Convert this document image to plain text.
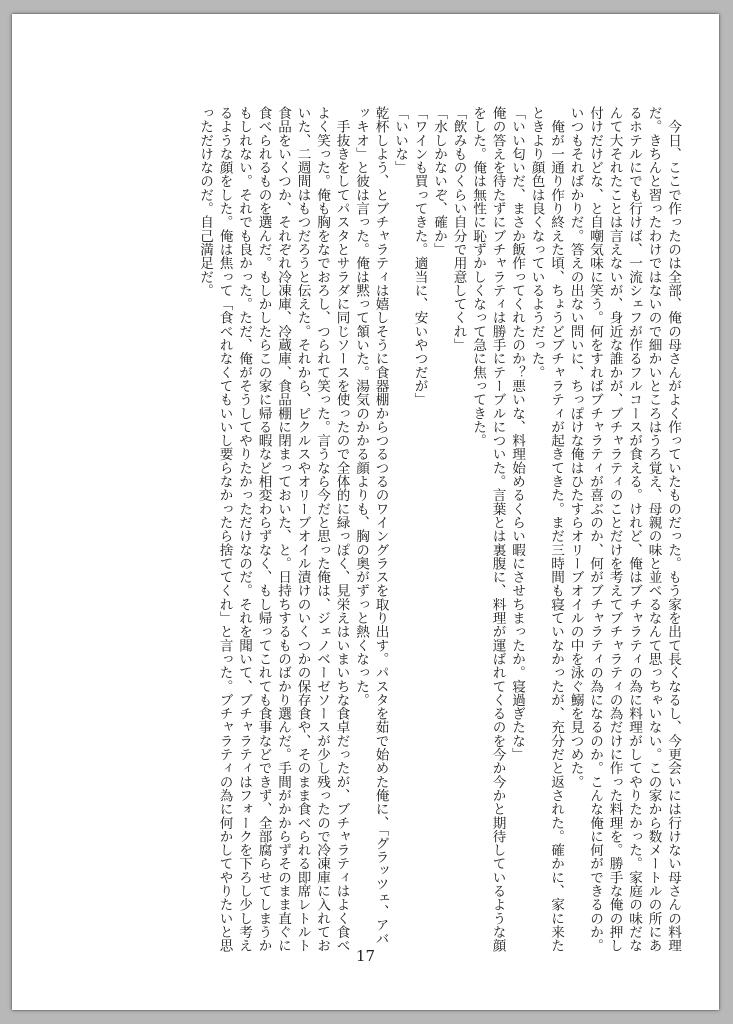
　今日、ここで作ったのは全部、俺の母さんがよく作っていたものだった。もう家を出て長くなるし、今更会いには行けない母さんの料理だ。きちんと習ったわけではないので細かいところはうろ覚え、母親の味と並べるなんて思っちゃいない。この家から数メートルの所にあるホテルにでも行けば、一流シェフが作るフルコースが食える。けれど、俺はブチャラティの為に料理がしてやりたかった。家庭の味だなんて大それたことは言えないが、身近な誰かが、ブチャラティのことだけを考えてブチャラティの為だけに作った料理を。勝手な俺の押し付けだけどな、と自嘲気味に笑う。何をすればブチャラティが喜ぶのか、何がブチャラティの為になるのか。こんな俺に何ができるのか。いつもそればかりだ。答えの出ない問いに、ちっぽけな俺はひたすらオリーブオイルの中を泳ぐ鰯を見つめた。

　俺が一通り作り終えた頃、ちょうどブチャラティが起きてきた。まだ三時間も寝ていなかったが、充分だと返された。確かに、家に来たときより顔色は良くなっているようだった。

「いい匂いだ、まさか飯作ってくれたのか？悪いな、料理始めるくらい暇にさせちまったか。寝過ぎたな」

俺の答えを待たずにブチャラティは勝手にテーブルについた。言葉とは裏腹に、料理が運ばれてくるのを今か今かと期待しているような顔をした。俺は無性に恥ずかしくなって急に焦ってきた。

「飲みものくらい自分で用意してくれ」

「水しかないぞ、確か」

「ワインも買ってきた。適当に、安いやつだが」

「いいな」

乾杯しよう、とブチャラティは嬉しそうに食器棚からつるつるのワイングラスを取り出す。パスタを茹で始めた俺に、「グラッツェ、アバッキオ」と彼は言った。俺は黙って頷いた。湯気のかかる顔よりも、胸の奥がずっと熱くなった。

　手抜きをしてパスタとサラダに同じソースを使ったので全体的に緑っぽく、見栄えはいまいちな食卓だったが、ブチャラティはよく食べよく笑った。俺も胸をなでおろし、つられて笑った。言うなら今だと思った俺は、ジェノベーゼソースが少し残ったので冷凍庫に入れておいた、二週間はもつだろうと伝えた。それから、ピクルスやオリーブオイル漬けのいくつかの保存食や、そのまま食べられる即席レトルト食品をいくつか、それぞれ冷凍庫、冷蔵庫、食品棚に閉まっておいた、と。日持ちするものばかり選んだ。手間がかからずそのまま直ぐに食べられるものを選んだ。もしかしたらこの家に帰る暇など相変わらずなく、もし帰ってこれても食事などできず、全部腐らせてしまうかもしれない。それでも良かった。ただ、俺がそうしてやりたかっただけなのだ。それを聞いて、ブチャラティはフォークを下ろし少し考えるような顔をした。俺は焦って「食べれなくてもいいし要らなかったら捨ててくれ」と言った。ブチャラティの為に何かしてやりたいと思っただけなのだ。自己満足だ。

17
